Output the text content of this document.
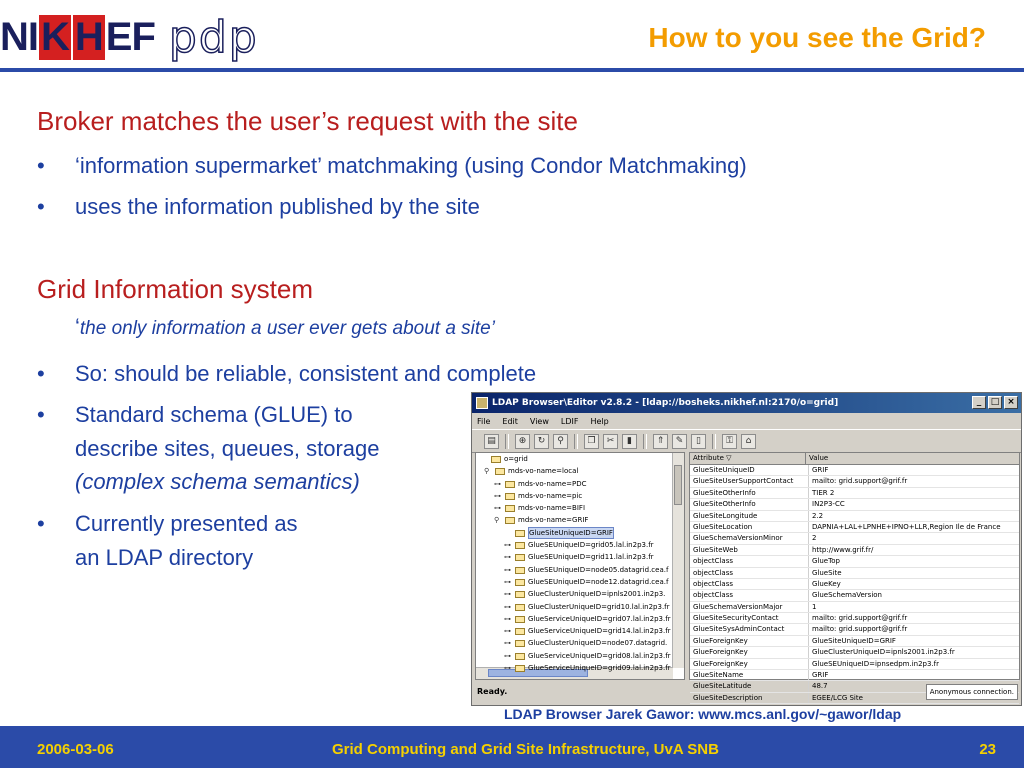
NI K H EF pdp	How to you see the Grid?
Broker matches the user’s request with the site
• ‘information supermarket’ matchmaking (using Condor Matchmaking)
• uses the information published by the site
Grid Information system
‘the only information a user ever gets about a site’
• So: should be reliable, consistent and complete
• Standard schema (GLUE) to
describe sites, queues, storage
(complex schema semantics)
• Currently presented as
an LDAP directory
LDAP Browser\Editor v2.8.2 - [ldap://bosheks.nikhef.nl:2170/o=grid]	_	□ ×
File Edit View LDIF Help
▤	⊕	↻	⚲	❐	✂	▮	⇑	✎	▯	⚿	⌂
o=grid
⚲	mds-vo-name=local
⊶ mds-vo-name=PDC
⊶ mds-vo-name=pic
⊶ mds-vo-name=BIFI
⚲	mds-vo-name=GRIF
GlueSiteUniqueID=GRIF
⊶ GlueSEUniqueID=grid05.lal.in2p3.fr
⊶ GlueSEUniqueID=grid11.lal.in2p3.fr
⊶ GlueSEUniqueID=node05.datagrid.cea.f
⊶ GlueSEUniqueID=node12.datagrid.cea.f
⊶ GlueClusterUniqueID=ipnls2001.in2p3.
⊶ GlueClusterUniqueID=grid10.lal.in2p3.fr
⊶ GlueServiceUniqueID=grid07.lal.in2p3.fr
⊶ GlueServiceUniqueID=grid14.lal.in2p3.fr
⊶ GlueClusterUniqueID=node07.datagrid.
⊶ GlueServiceUniqueID=grid08.lal.in2p3.fr
⊶ GlueServiceUniqueID=grid09.lal.in2p3.fr
Attribute ▽	Value
GlueSiteUniqueID	GRIF
GlueSiteUserSupportContact	mailto: grid.support@grif.fr
GlueSiteOtherInfo	TIER 2
GlueSiteOtherInfo	IN2P3-CC
GlueSiteLongitude	2.2
GlueSiteLocation	DAPNIA+LAL+LPNHE+IPNO+LLR,Region Ile de France
GlueSchemaVersionMinor	2
GlueSiteWeb	http://www.grif.fr/
objectClass	GlueTop
objectClass	GlueSite
objectClass	GlueKey
objectClass	GlueSchemaVersion
GlueSchemaVersionMajor	1
GlueSiteSecurityContact	mailto: grid.support@grif.fr
GlueSiteSysAdminContact	mailto: grid.support@grif.fr
GlueForeignKey	GlueSiteUniqueID=GRIF
GlueForeignKey	GlueClusterUniqueID=ipnls2001.in2p3.fr
GlueForeignKey	GlueSEUniqueID=ipnsedpm.in2p3.fr
GlueSiteName	GRIF
GlueSiteLatitude	48.7
GlueSiteDescription	EGEE/LCG Site
Ready.	Anonymous connection.
LDAP Browser Jarek Gawor: www.mcs.anl.gov/~gawor/ldap
2006-03-06	Grid Computing and Grid Site Infrastructure, UvA SNB	23
